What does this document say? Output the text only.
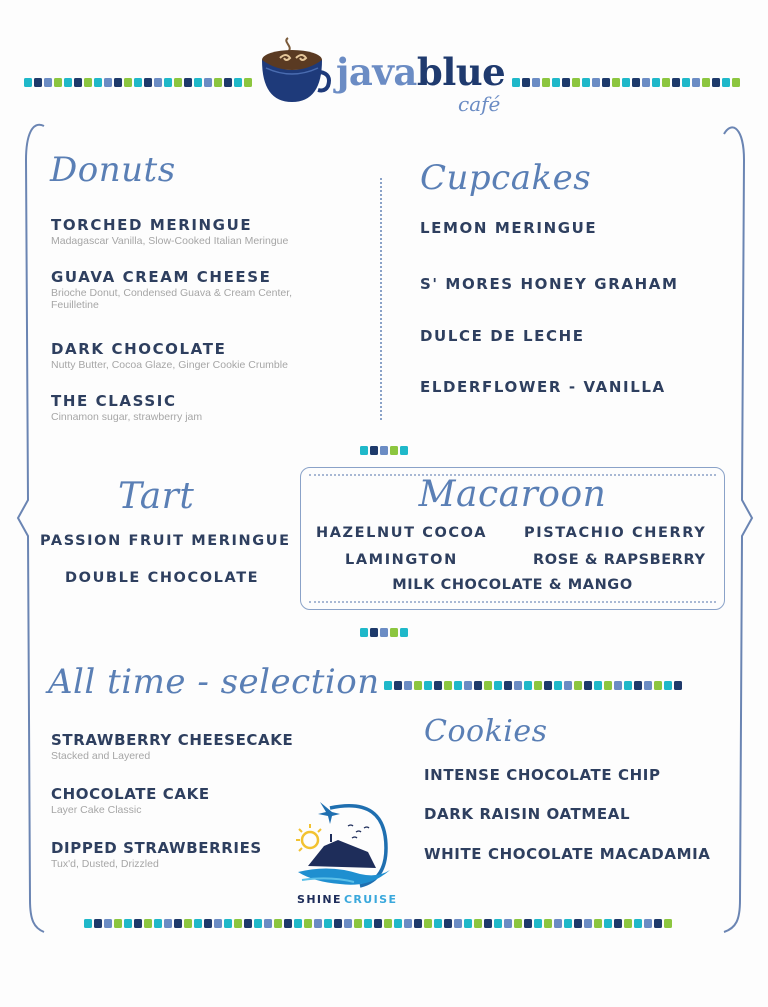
javablue
café
Donuts
TORCHED MERINGUE
Madagascar Vanilla, Slow-Cooked Italian Meringue
GUAVA CREAM CHEESE
Brioche Donut, Condensed Guava & Cream Center,
Feuilletine
DARK CHOCOLATE
Nutty Butter, Cocoa Glaze, Ginger Cookie Crumble
THE CLASSIC
Cinnamon sugar, strawberry jam
Cupcakes
LEMON MERINGUE
S' MORES HONEY GRAHAM
DULCE DE LECHE
ELDERFLOWER - VANILLA
Tart
PASSION FRUIT MERINGUE
DOUBLE CHOCOLATE
Macaroon
HAZELNUT COCOA	PISTACHIO CHERRY
LAMINGTON	ROSE & RAPSBERRY
MILK CHOCOLATE & MANGO
All time - selection
STRAWBERRY CHEESECAKE
Stacked and Layered
CHOCOLATE CAKE
Layer Cake Classic
DIPPED STRAWBERRIES
Tux'd, Dusted, Drizzled
Cookies
INTENSE CHOCOLATE CHIP
DARK RAISIN OATMEAL
WHITE CHOCOLATE MACADAMIA
SHINE CRUISE
